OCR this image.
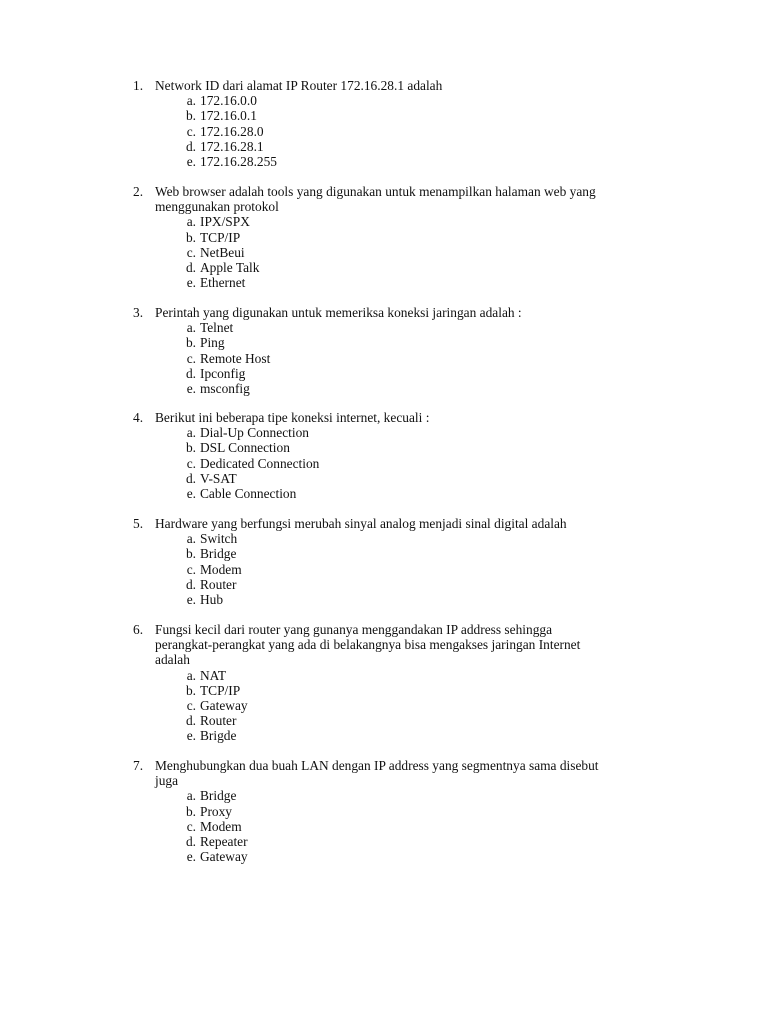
1. Network ID dari alamat IP Router 172.16.28.1 adalah
a. 172.16.0.0
b. 172.16.0.1
c. 172.16.28.0
d. 172.16.28.1
e. 172.16.28.255
2. Web browser adalah tools yang digunakan untuk menampilkan halaman web yang
menggunakan protokol
a. IPX/SPX
b. TCP/IP
c. NetBeui
d. Apple Talk
e. Ethernet
3. Perintah yang digunakan untuk memeriksa koneksi jaringan adalah :
a. Telnet
b. Ping
c. Remote Host
d. Ipconfig
e. msconfig
4. Berikut ini beberapa tipe koneksi internet, kecuali :
a. Dial-Up Connection
b. DSL Connection
c. Dedicated Connection
d. V-SAT
e. Cable Connection
5. Hardware yang berfungsi merubah sinyal analog menjadi sinal digital adalah
a. Switch
b. Bridge
c. Modem
d. Router
e. Hub
6. Fungsi kecil dari router yang gunanya menggandakan IP address sehingga
perangkat-perangkat yang ada di belakangnya bisa mengakses jaringan Internet
adalah
a. NAT
b. TCP/IP
c. Gateway
d. Router
e. Brigde
7. Menghubungkan dua buah LAN dengan IP address yang segmentnya sama disebut
juga
a. Bridge
b. Proxy
c. Modem
d. Repeater
e. Gateway
